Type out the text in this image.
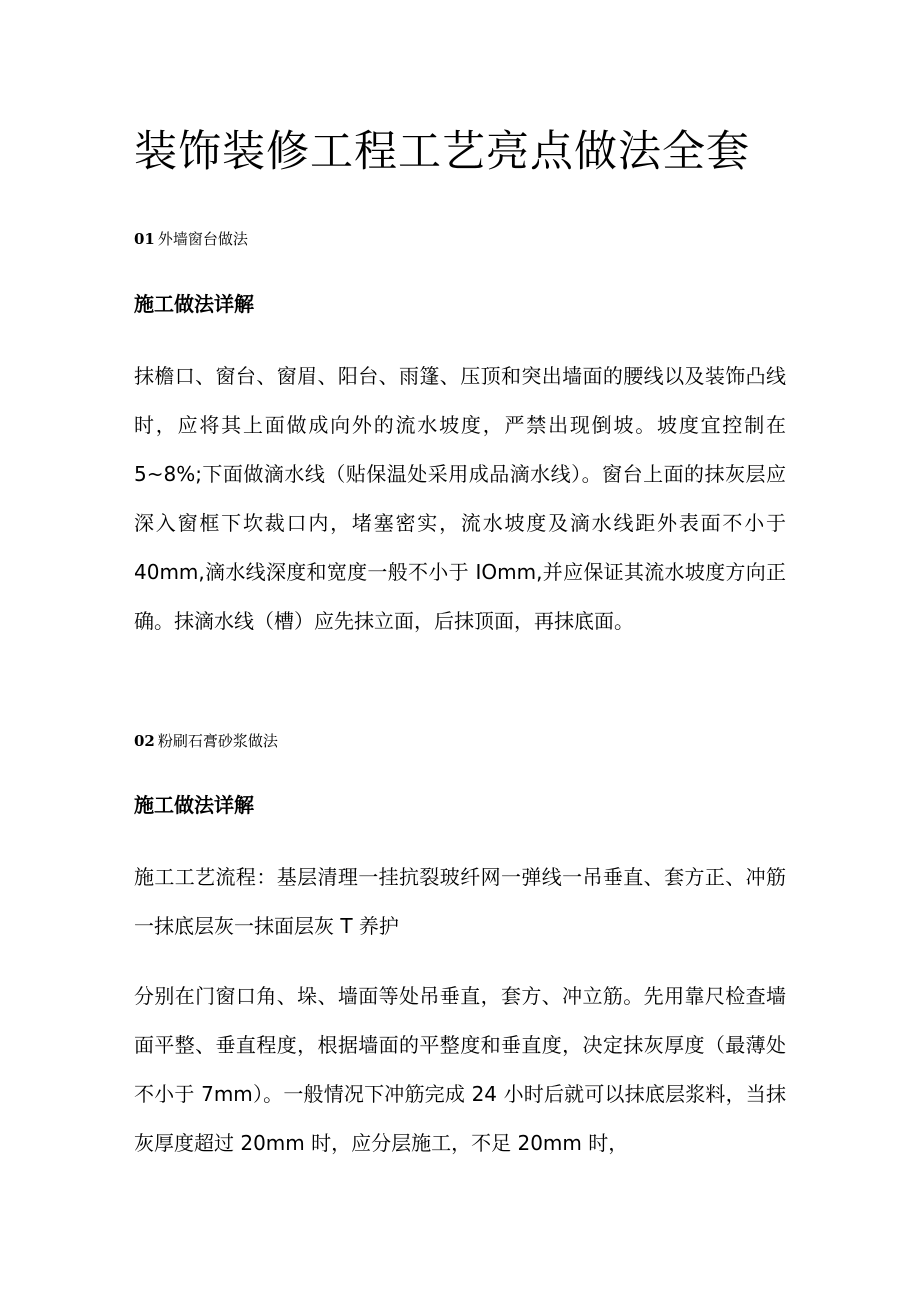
装饰装修工程工艺亮点做法全套
01 外墙窗台做法
施工做法详解

抹檐口、窗台、窗眉、阳台、雨篷、压顶和突出墙面的腰线以及装饰凸线时，应将其上面做成向外的流水坡度，严禁出现倒坡。坡度宜控制在 5~8%;下面做滴水线（贴保温处采用成品滴水线）。窗台上面的抹灰层应深入窗框下坎裁口内，堵塞密实，流水坡度及滴水线距外表面不小于 40mm,滴水线深度和宽度一般不小于 IOmm,并应保证其流水坡度方向正确。抹滴水线（槽）应先抹立面，后抹顶面，再抹底面。

02 粉刷石膏砂浆做法
施工做法详解

施工工艺流程：基层清理一挂抗裂玻纤网一弹线一吊垂直、套方正、冲筋一抹底层灰一抹面层灰 T 养护

分别在门窗口角、垛、墙面等处吊垂直，套方、冲立筋。先用靠尺检查墙面平整、垂直程度，根据墙面的平整度和垂直度，决定抹灰厚度（最薄处不小于 7mm）。一般情况下冲筋完成 24 小时后就可以抹底层浆料，当抹灰厚度超过 20mm 时，应分层施工，不足 20mm 时，
